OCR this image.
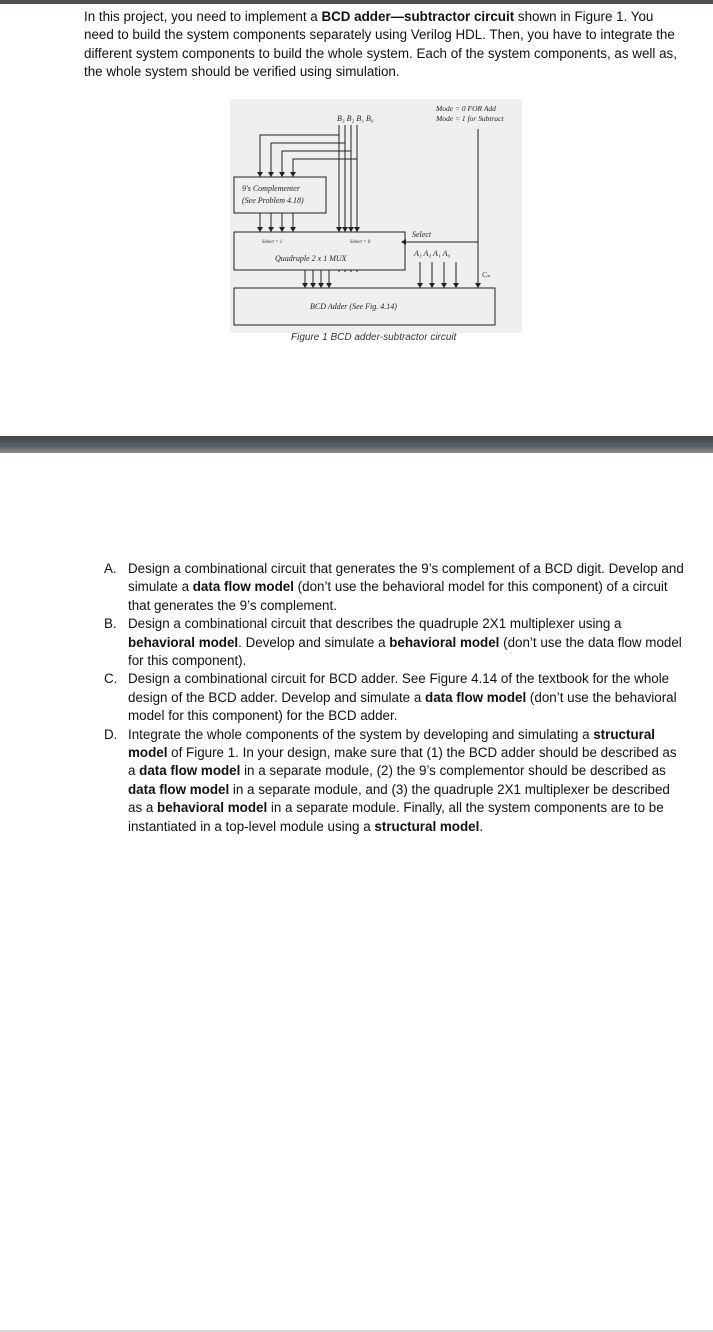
In this project, you need to implement a BCD adder—subtractor circuit shown in Figure 1. You need to build the system components separately using Verilog HDL. Then, you have to integrate the different system components to build the whole system. Each of the system components, as well as, the whole system should be verified using simulation.

B₃ B₂ B₁ B₀
Mode = 0 FOR Add
Mode = 1 for Subtract
9's Complementer
(See Problem 4.18)
Select = 1	Select = 0
Quadruple 2 x 1 MUX
Select
A₃ A₂ A₁ A₀
Cᵢₙ
BCD Adder (See Fig. 4.14)
Figure 1 BCD adder-subtractor circuit
A. Design a combinational circuit that generates the 9’s complement of a BCD digit. Develop and simulate a data flow model (don’t use the behavioral model for this component) of a circuit that generates the 9’s complement.
B. Design a combinational circuit that describes the quadruple 2X1 multiplexer using a behavioral model. Develop and simulate a behavioral model (don’t use the data flow model for this component).
C. Design a combinational circuit for BCD adder. See Figure 4.14 of the textbook for the whole design of the BCD adder. Develop and simulate a data flow model (don’t use the behavioral model for this component) for the BCD adder.
D. Integrate the whole components of the system by developing and simulating a structural model of Figure 1. In your design, make sure that (1) the BCD adder should be described as a data flow model in a separate module, (2) the 9’s complementor should be described as data flow model in a separate module, and (3) the quadruple 2X1 multiplexer be described as a behavioral model in a separate module. Finally, all the system components are to be instantiated in a top-level module using a structural model.
